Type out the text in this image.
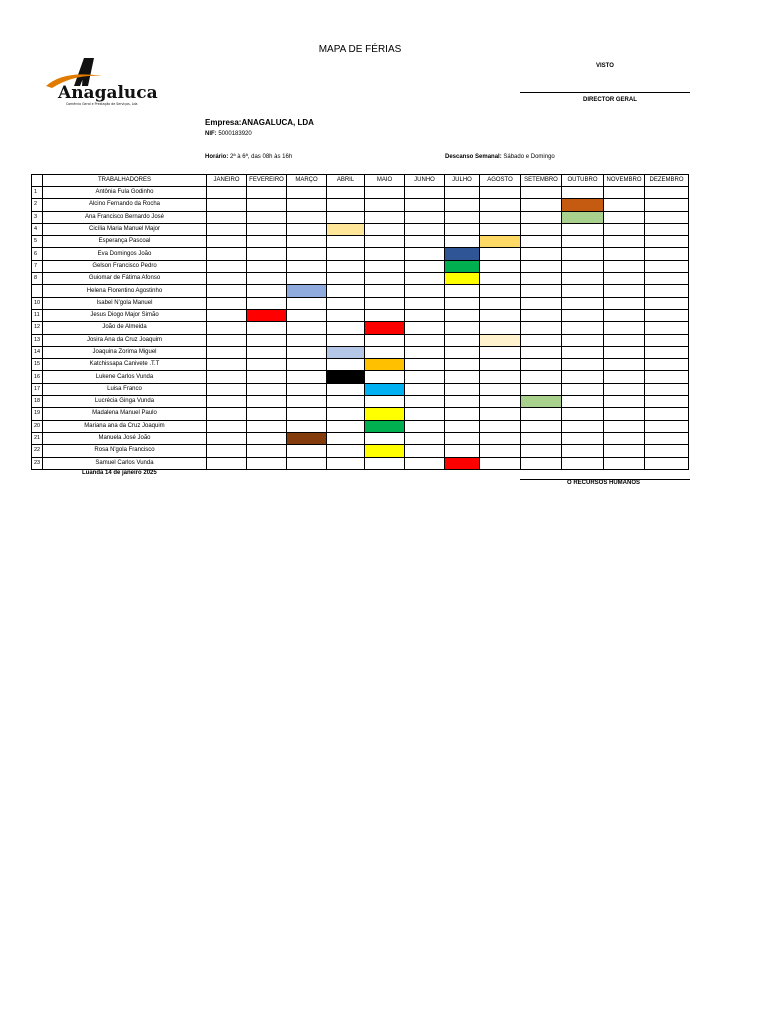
MAPA DE FÉRIAS
VISTO
DIRECTOR GERAL
Anagaluca
Comércio Geral e Prestação de Serviços, Lda
Empresa:ANAGALUCA, LDA
NIF: 5000183920
Horário: 2ª à 6ª, das 08h às 16h	Descanso Semanal: Sábado e Domingo
	TRABALHADORES	JANEIRO	FEVEREIRO	MARÇO	ABRIL	MAIO	JUNHO	JULHO	AGOSTO	SETEMBRO	OUTUBRO	NOVEMBRO	DEZEMBRO
1	Antônia Fula Godinho												
2	Alcino Fernando da Rocha												
3	Ana Francisco Bernardo José												
4	Cicília Maria Manuel Major												
5	Esperança Pascoal												
6	Eva Domingos João												
7	Gelson Francisco Pedro												
8	Guiomar de Fátima Afonso												
	Helena Florentino Agostinho												
10	Isabel N'gola Manuel												
11	Jesus Diogo Major Simão												
12	João de Almeida												
13	Josira Ana da Cruz Joaquim												
14	Joaquina Zorima Miguel												
15	Katchissapa Canivete .T.T												
16	Lukene Carlos Vunda												
17	Luisa Franco												
18	Lucrécia Ginga Vunda												
19	Madalena Manuel Paulo												
20	Mariana ana da Cruz Joaquim												
21	Manuela José João												
22	Rosa N'gola Francisco												
23	Samuel Carlos Vunda												
Luanda 14 de janeiro 2025
O RECURSOS HUMANOS
